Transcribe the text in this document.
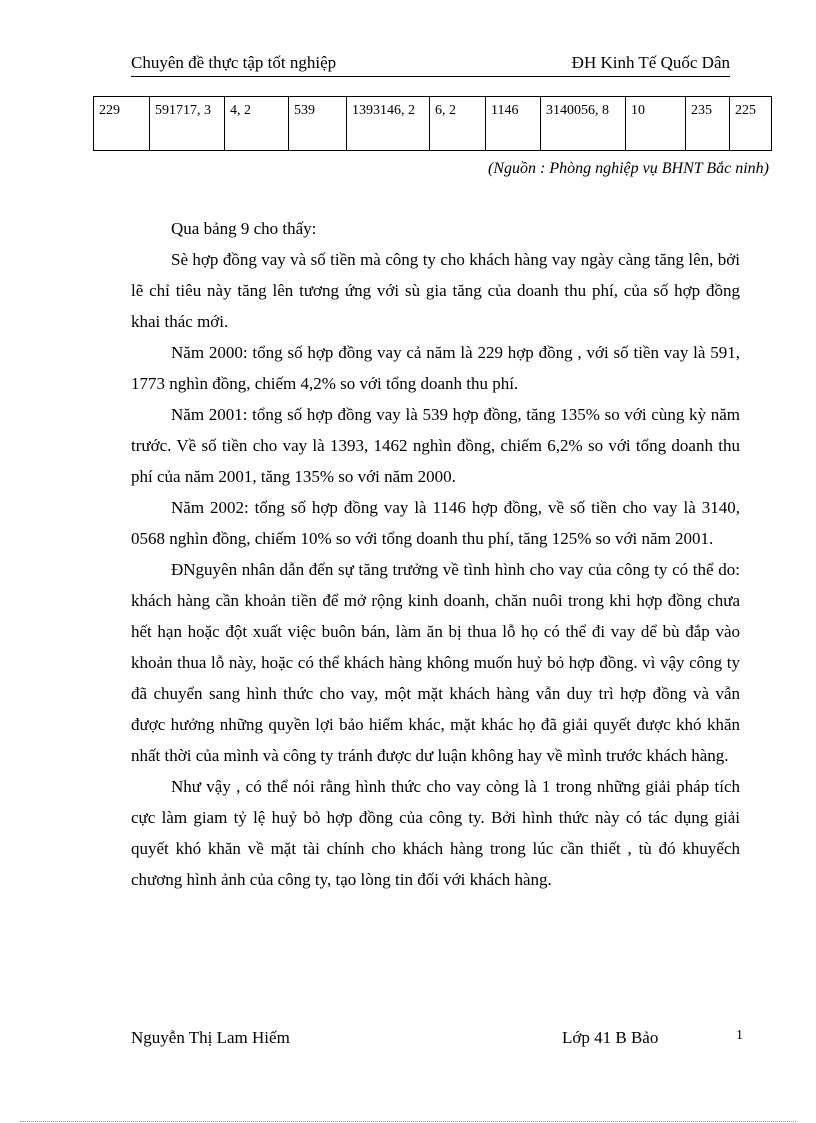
Chuyên đề thực tập tốt nghiệp	ĐH Kinh Tế Quốc Dân
229	591717, 3	4, 2	539	1393146, 2	6, 2	1146	3140056, 8	10	235	225
(Nguồn : Phòng nghiệp vụ BHNT Bắc ninh)

Qua bảng 9 cho thấy:

Sè hợp đồng vay và số tiền mà công ty cho khách hàng vay ngày càng tăng lên, bởi lẽ chỉ tiêu này tăng lên tương ứng với sù gia tăng của doanh thu phí, của số hợp đồng khai thác mới.

Năm 2000: tổng số hợp đồng vay cả năm là 229 hợp đồng , với số tiền vay là 591, 1773 nghìn đồng, chiếm 4,2% so với tổng doanh thu phí.

Năm 2001: tổng số hợp đồng vay là 539 hợp đồng, tăng 135% so với cùng kỳ năm trước. Về số tiền cho vay là 1393, 1462 nghìn đồng, chiếm 6,2% so với tổng doanh thu phí của năm 2001, tăng 135% so với năm 2000.

Năm 2002: tổng số hợp đồng vay là 1146 hợp đồng, về số tiền cho vay là 3140, 0568 nghìn đồng, chiếm 10% so với tổng doanh thu phí, tăng 125% so với năm 2001.

ĐNguyên nhân dẫn đến sự tăng trưởng về tình hình cho vay của công ty có thể do: khách hàng cần khoản tiền để mở rộng kinh doanh, chăn nuôi trong khi hợp đồng chưa hết hạn hoặc đột xuất việc buôn bán, làm ăn bị thua lỗ họ có thể đi vay dể bù đắp vào khoản thua lỗ này, hoặc có thể khách hàng không muốn huỷ bỏ hợp đồng. vì vậy công ty đã chuyển sang hình thức cho vay, một mặt khách hàng vẫn duy trì hợp đồng và vẫn được hưởng những quyền lợi bảo hiểm khác, mặt khác họ đã giải quyết được khó khăn nhất thời của mình và công ty tránh được dư luận không hay về mình trước khách hàng.

Như vậy , có thể nói rằng hình thức cho vay còng là 1 trong những giải pháp tích cực làm giam tỷ lệ huỷ bỏ hợp đồng của công ty. Bởi hình thức này có tác dụng giải quyết khó khăn về mặt tài chính cho khách hàng trong lúc cần thiết , tù đó khuyếch chương hình ảnh của công ty, tạo lòng tin đối với khách hàng.

Nguyễn Thị Lam Hiếm	Lớp 41 B Bảo	1
